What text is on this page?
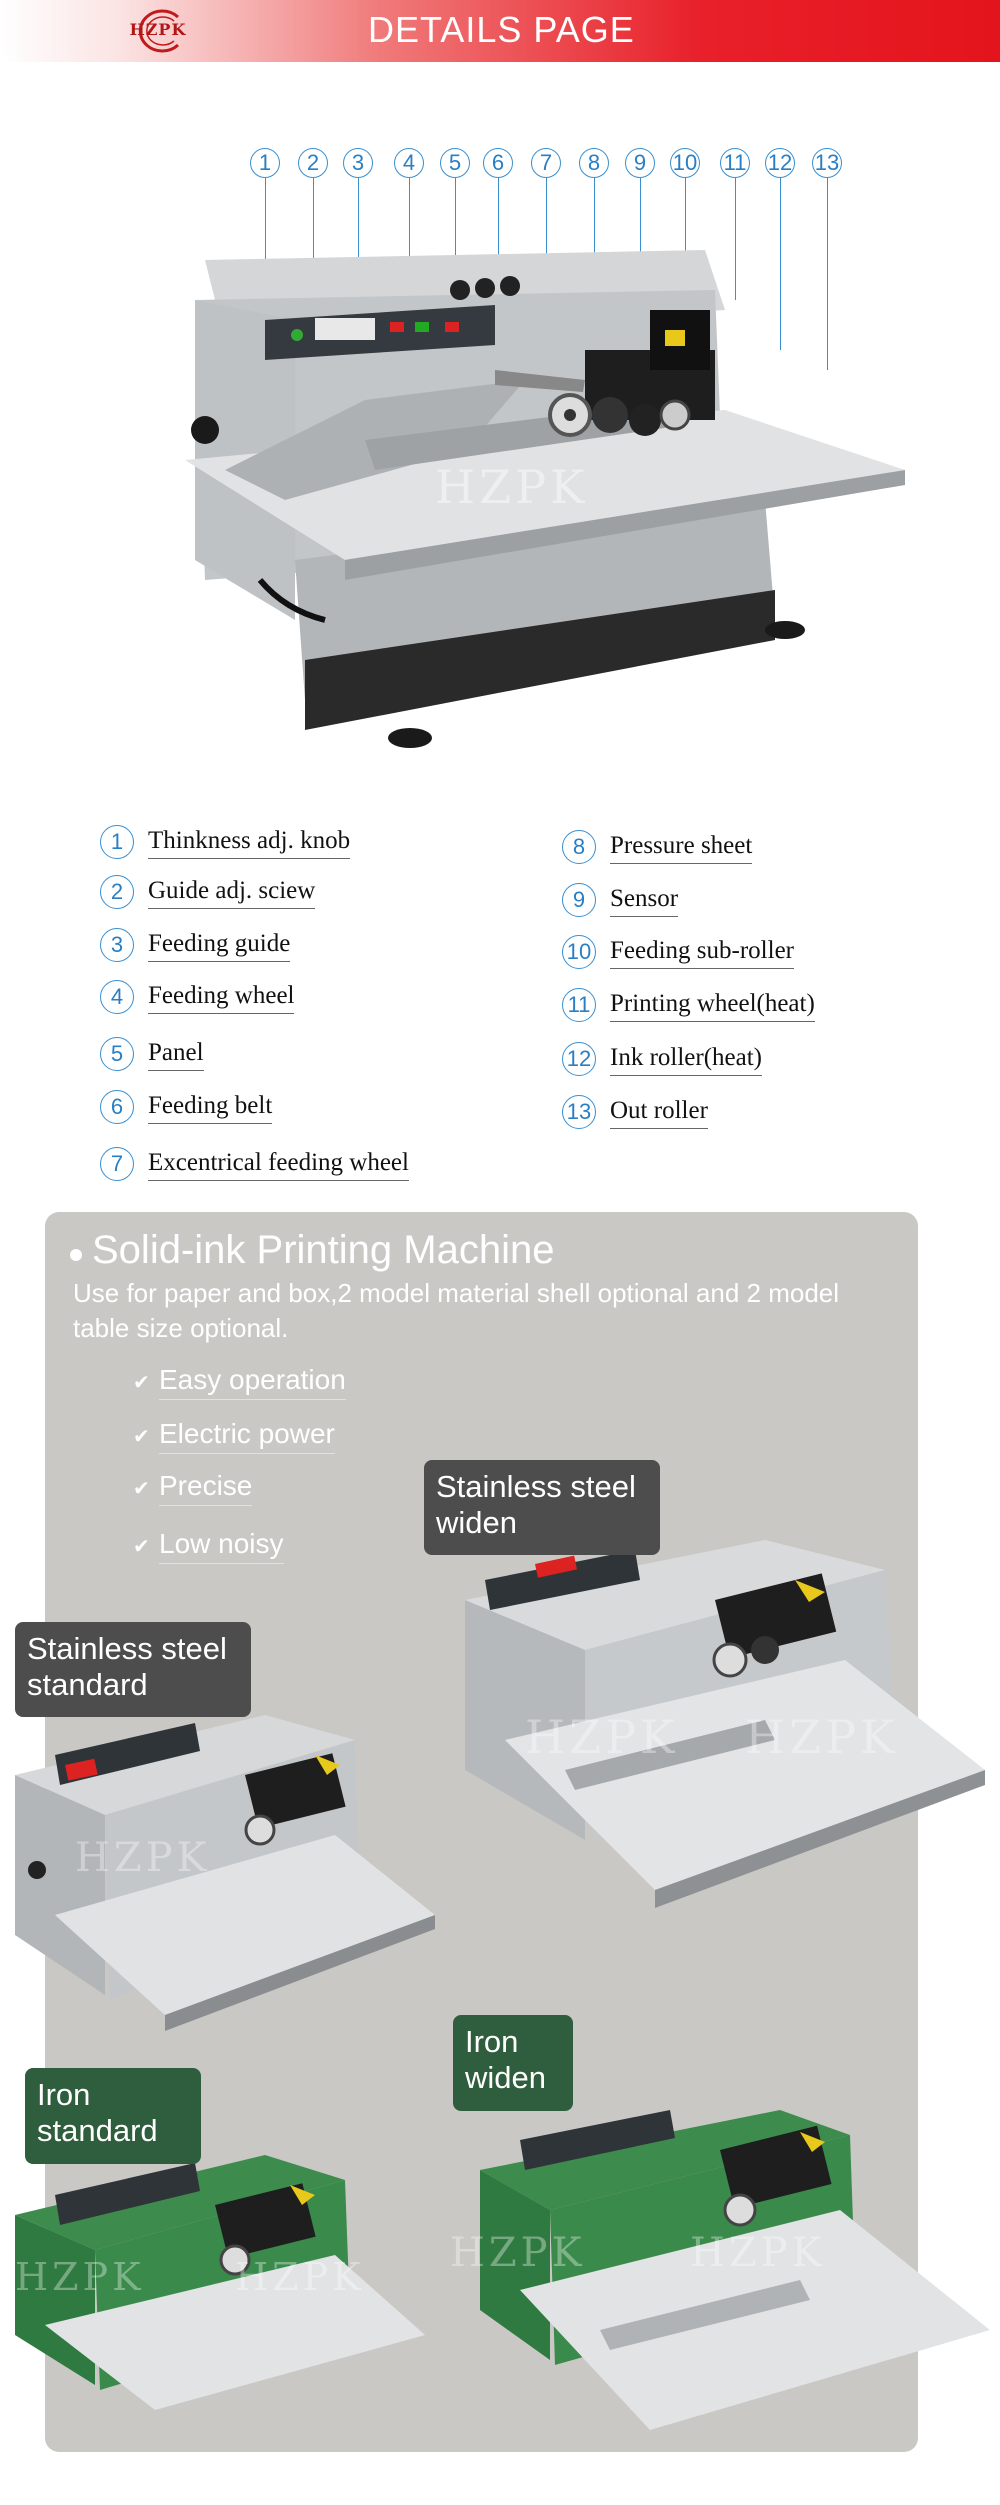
HZPK	DETAILS PAGE
1	2	3	4	5	6	7	8	9	10 11 12 13
HZPK
1 Thinkness adj. knob
2 Guide adj. sciew
3 Feeding guide
4 Feeding wheel
5 Panel
6 Feeding belt
7 Excentrical feeding wheel
8 Pressure sheet
9 Sensor
10 Feeding sub-roller
11 Printing wheel(heat)
12 Ink roller(heat)
13 Out roller
Solid-ink Printing Machine
Use for paper and box,2 model material shell optional and 2 model table size optional.
✔ Easy operation
✔ Electric power
✔ Precise
✔ Low noisy
HZPK HZPK
HZPK
HZPK HZPK
HZPK	HZPK
Stainless steel widen
Stainless steel standard
Iron standard
Iron widen
